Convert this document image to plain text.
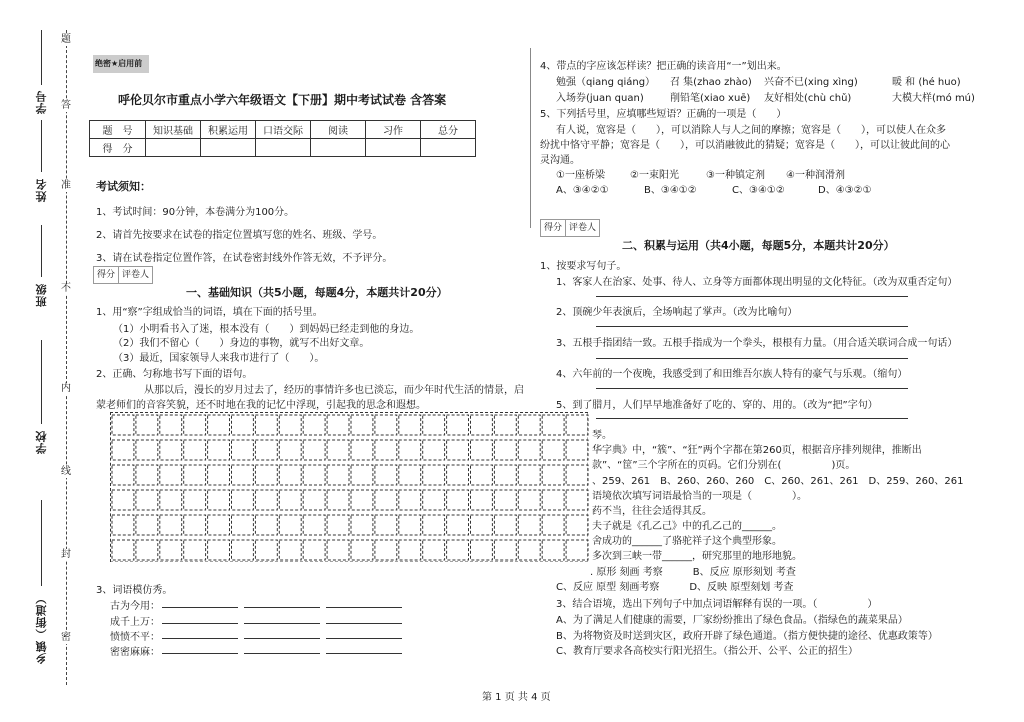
题
答
准
不
内
线
封
密
学号
姓名
班级
学校
乡镇（街道）
绝密★启用前
呼伦贝尔市重点小学六年级语文【下册】期中考试试卷 含答案
题　号	知识基础	积累运用	口语交际	阅读	习作	总分
得　分						
考试须知：
1、考试时间：90分钟，本卷满分为100分。
2、请首先按要求在试卷的指定位置填写您的姓名、班级、学号。
3、请在试卷指定位置作答，在试卷密封线外作答无效，不予评分。
得分 评卷人
一、基础知识（共5小题，每题4分，本题共计20分）
1、用“察”字组成恰当的词语，填在下面的括号里。
（1）小明看书入了迷，根本没有（　　）到妈妈已经走到他的身边。
（2）我们不留心（　　）身边的事物，就写不出好文章。
（3）最近，国家领导人来我市进行了（　　）。
2、正确、匀称地书写下面的语句。
从那以后，漫长的岁月过去了，经历的事情许多也已淡忘，而少年时代生活的情景，启
蒙老师们的音容笑貌，还不时地在我的记忆中浮现，引起我的思念和遐想。
3、词语模仿秀。
古为今用：
成千上万：
愤愤不平：
密密麻麻：
4、带点的字应该怎样读？把正确的读音用“一”划出来。
勉强（qiang qiáng） 召 集(zhao zhào) 兴奋不已(xing xìng)	暖 和 (hé huo)
入场券(juan quan)	削铅笔(xiao xuē) 友好相处(chù chǔ)	大模大样(mó mú)
5、下列括号里，应填哪些短语？正确的一项是（　　）
有人说，宽容是（　　），可以消除人与人之间的摩擦；宽容是（　　），可以使人在众多
纷扰中恪守平静；宽容是（　　），可以消融彼此的猜疑；宽容是（　　），可以让彼此间的心
灵沟通。
①一座桥梁	②一束阳光	③一种镇定剂 ④一种润滑剂
A、③④②①	B、③④①②	C、③④①②	D、④③②①
得分 评卷人
二、积累与运用（共4小题，每题5分，本题共计20分）
1、按要求写句子。
1、客家人在治家、处事、待人、立身等方面都体现出明显的文化特征。（改为双重否定句）
2、顶碗少年表演后，全场响起了掌声。（改为比喻句）
3、五根手指团结一致。五根手指成为一个拳头，根根有力量。（用合适关联词合成一句话）
4、六年前的一个夜晚，我感受到了和田维吾尔族人特有的豪气与乐观。（缩句）
5、到了腊月，人们早早地准备好了吃的、穿的、用的。（改为“把”字句）
琴。
华字典》中，“簇”、“狂”两个字都在第260页，根据音序排列规律，推断出
款”、“筐”三个字所在的页码。它们分别在(　　　　　)页。
、259、261　B、260、260、260　C、260、261、261　D、259、260、261
语境依次填写词语最恰当的一项是（　　　　）。
药不当，往往会适得其反。
夫子就是《孔乙己》中的孔乙己的______。
舍成功的______了骆驼祥子这个典型形象。
多次到三峡一带______，研究那里的地形地貌。
. 原形 刻画 考察　　　B、反应 原形刻划 考查
C、反应 原型 刻画考察　　　D、反映 原型刻划 考查
3、结合语境，选出下列句子中加点词语解释有误的一项。（　　　　　）
A、为了满足人们健康的需要，厂家纷纷推出了绿色食品。（指绿色的蔬菜果品）
B、为将物资及时送到灾区，政府开辟了绿色通道。（指方便快捷的途径、优惠政策等）
C、教育厅要求各高校实行阳光招生。（指公开、公平、公正的招生）
第 1 页 共 4 页
